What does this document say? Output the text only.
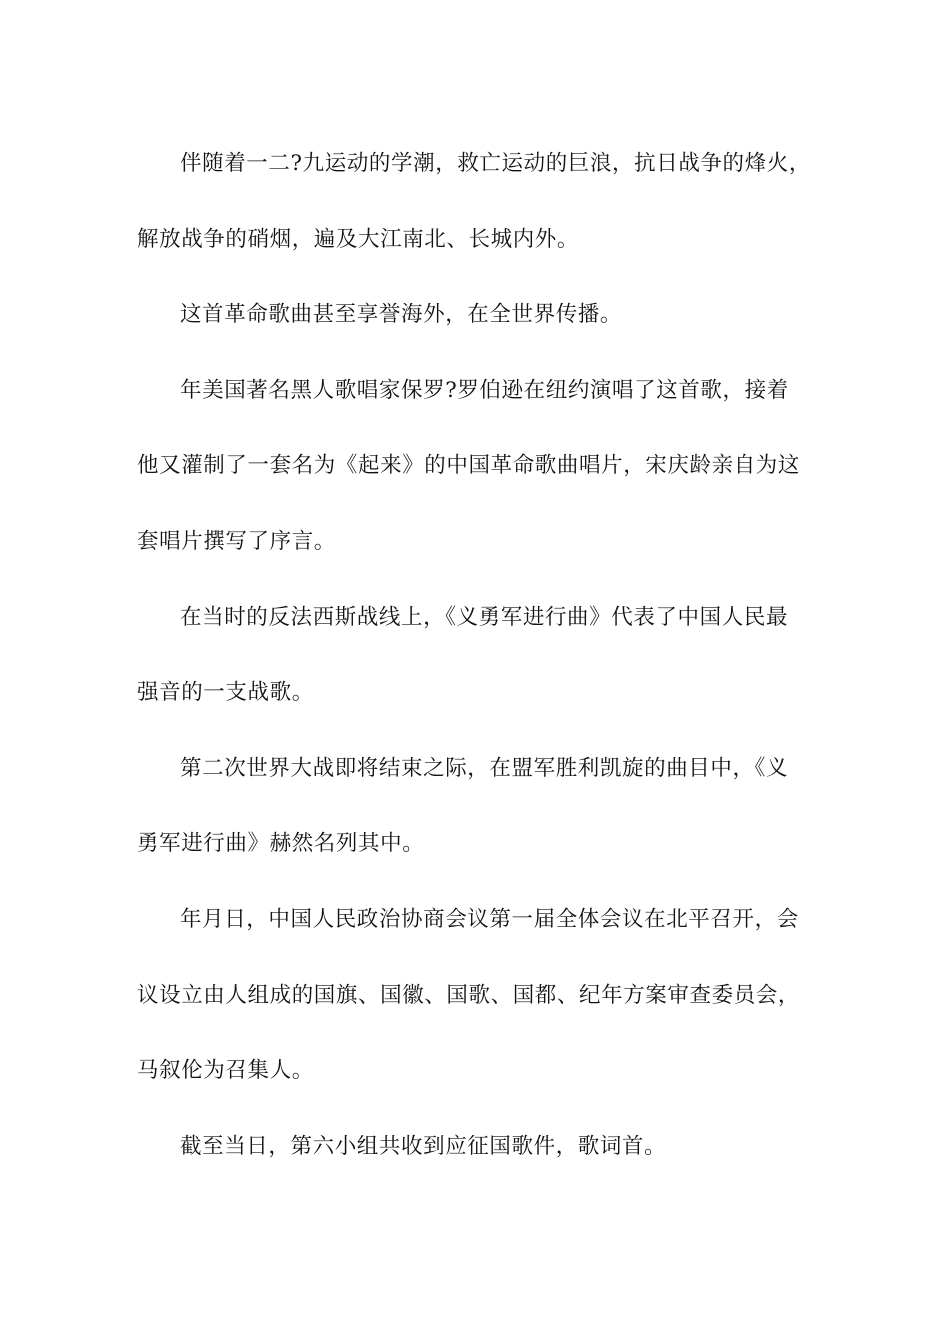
伴随着一二?九运动的学潮，救亡运动的巨浪，抗日战争的烽火，
解放战争的硝烟，遍及大江南北、长城内外。
这首革命歌曲甚至享誉海外，在全世界传播。
年美国著名黑人歌唱家保罗?罗伯逊在纽约演唱了这首歌，接着
他又灌制了一套名为《起来》的中国革命歌曲唱片，宋庆龄亲自为这
套唱片撰写了序言。
在当时的反法西斯战线上，《义勇军进行曲》代表了中国人民最
强音的一支战歌。
第二次世界大战即将结束之际，在盟军胜利凯旋的曲目中，《义
勇军进行曲》赫然名列其中。
年月日，中国人民政治协商会议第一届全体会议在北平召开，会
议设立由人组成的国旗、国徽、国歌、国都、纪年方案审查委员会，
马叙伦为召集人。
截至当日，第六小组共收到应征国歌件，歌词首。
